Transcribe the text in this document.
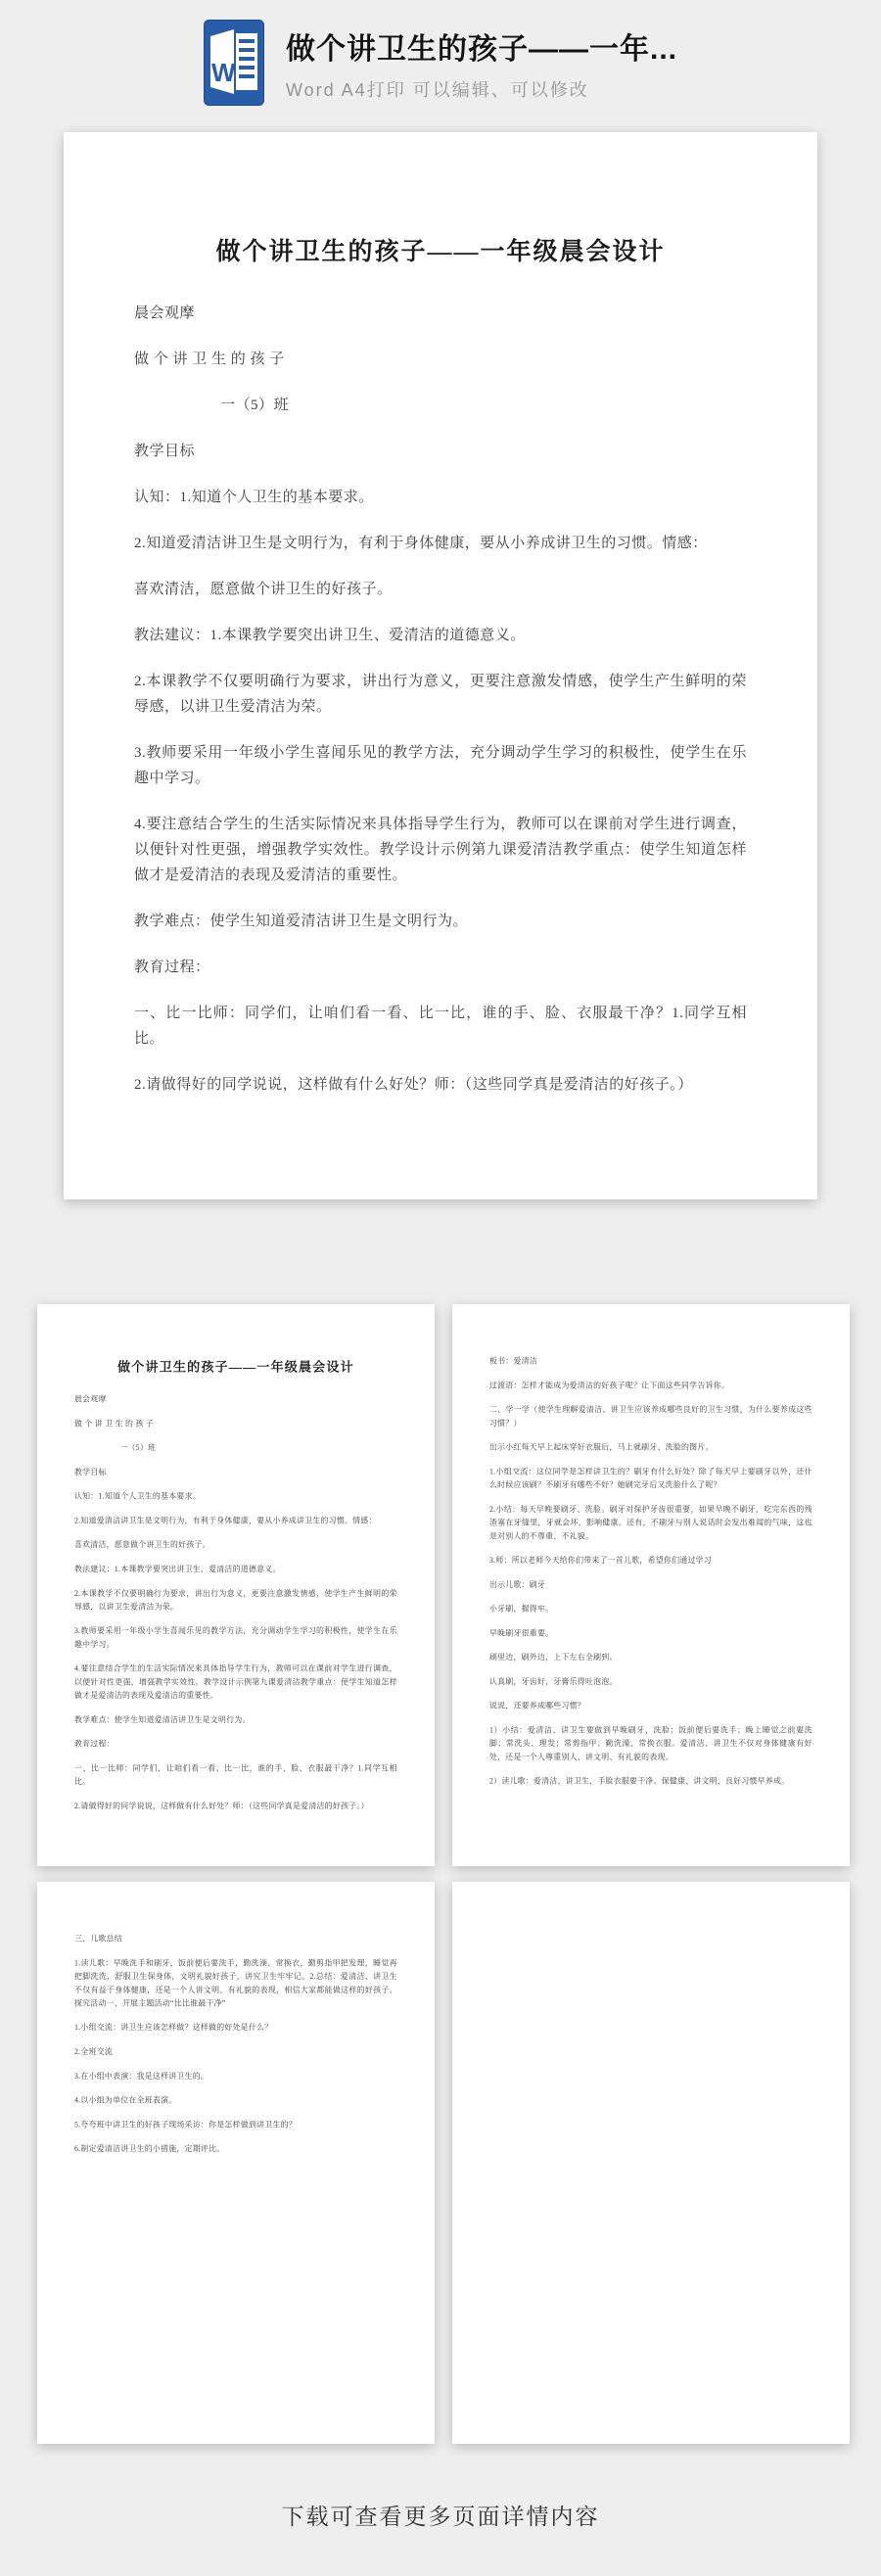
W
做个讲卫生的孩子——一年...
Word A4打印 可以编辑、可以修改
做个讲卫生的孩子——一年级晨会设计

晨会观摩

做 个 讲 卫 生 的 孩 子

一（5）班

教学目标

认知：1.知道个人卫生的基本要求。

2.知道爱清洁讲卫生是文明行为，有利于身体健康，要从小养成讲卫生的习惯。情感：

喜欢清洁，愿意做个讲卫生的好孩子。

教法建议：1.本课教学要突出讲卫生、爱清洁的道德意义。

2.本课教学不仅要明确行为要求，讲出行为意义，更要注意激发情感，使学生产生鲜明的荣辱感，以讲卫生爱清洁为荣。

3.教师要采用一年级小学生喜闻乐见的教学方法，充分调动学生学习的积极性，使学生在乐趣中学习。

4.要注意结合学生的生活实际情况来具体指导学生行为，教师可以在课前对学生进行调查，以便针对性更强，增强教学实效性。教学设计示例第九课爱清洁教学重点：使学生知道怎样做才是爱清洁的表现及爱清洁的重要性。

教学难点：使学生知道爱清洁讲卫生是文明行为。

教育过程：

一、比一比师：同学们，让咱们看一看、比一比，谁的手、脸、衣服最干净？1.同学互相比。

2.请做得好的同学说说，这样做有什么好处？师：（这些同学真是爱清洁的好孩子。）

做个讲卫生的孩子——一年级晨会设计

晨会观摩

做 个 讲 卫 生 的 孩 子

一（5）班

教学目标

认知：1.知道个人卫生的基本要求。

2.知道爱清洁讲卫生是文明行为，有利于身体健康，要从小养成讲卫生的习惯。情感：

喜欢清洁，愿意做个讲卫生的好孩子。

教法建议：1.本课教学要突出讲卫生、爱清洁的道德意义。

2.本课教学不仅要明确行为要求，讲出行为意义，更要注意激发情感，使学生产生鲜明的荣辱感，以讲卫生爱清洁为荣。

3.教师要采用一年级小学生喜闻乐见的教学方法，充分调动学生学习的积极性，使学生在乐趣中学习。

4.要注意结合学生的生活实际情况来具体指导学生行为，教师可以在课前对学生进行调查，以便针对性更强，增强教学实效性。教学设计示例第九课爱清洁教学重点：使学生知道怎样做才是爱清洁的表现及爱清洁的重要性。

教学难点：使学生知道爱清洁讲卫生是文明行为。

教育过程：

一、比一比师：同学们，让咱们看一看、比一比，谁的手、脸、衣服最干净？1.同学互相比。

2.请做得好的同学说说，这样做有什么好处？师：（这些同学真是爱清洁的好孩子。）

板书：爱清洁

过渡语：怎样才能成为爱清洁的好孩子呢？让下面这些同学告诉你。

二、学一学（使学生理解爱清洁、讲卫生应该养成哪些良好的卫生习惯，为什么要养成这些习惯？）

出示小红每天早上起床穿好衣服后，马上就刷牙、洗脸的图片。

1.小组交流：这位同学是怎样讲卫生的？刷牙有什么好处？除了每天早上要刷牙以外，还什么时候应该刷？不刷牙有哪些不好？她刷完牙后又洗脸什么了呢？

2.小结：每天早晚要刷牙、洗脸。刷牙对保护牙齿很重要，如果早晚不刷牙，吃完东西的残渣塞在牙缝里，牙就会坏，影响健康。还有，不刷牙与别人说话时会发出难闻的气味，这也是对别人的不尊重、不礼貌。

3.师：所以老师今天给你们带来了一首儿歌，希望你们通过学习

出示儿歌：刷牙

小牙刷，握得牢。

早晚刷牙很重要。

刷里边，刷外边，上下左右全刷到。

认真刷，牙齿好，牙膏乐得吐泡泡。

说说，还要养成哪些习惯？

1）小结：爱清洁、讲卫生要做到早晚刷牙、洗脸；饭前便后要洗手；晚上睡觉之前要洗脚；常洗头、理发；常剪指甲；勤洗澡、常换衣服。爱清洁、讲卫生不仅对身体健康有好处，还是一个人尊重别人、讲文明、有礼貌的表现。

2）读儿歌：爱清洁、讲卫生，手脸衣服要干净。保健康、讲文明，良好习惯早养成。

三、儿歌总结

1.读儿歌：早晚洗手和刷牙，饭前便后要洗手，勤洗澡、常换衣，勤剪指甲把发理，睡觉再把脚洗洗，舒服卫生保身体，文明礼貌好孩子，讲究卫生牢牢记。2.总结：爱清洁、讲卫生不仅有益于身体健康，还是一个人讲文明、有礼貌的表现，相信大家都能做这样的好孩子。探究活动一、开展主题活动“比比谁最干净”

1.小组交流：讲卫生应该怎样做？这样做的好处是什么？

2.全班交流

3.在小组中表演：我是这样讲卫生的。

4.以小组为单位在全班表演。

5.夸夸班中讲卫生的好孩子现场采访：你是怎样做到讲卫生的？

6.制定爱清洁讲卫生的小措施，定期评比。

下载可查看更多页面详情内容
